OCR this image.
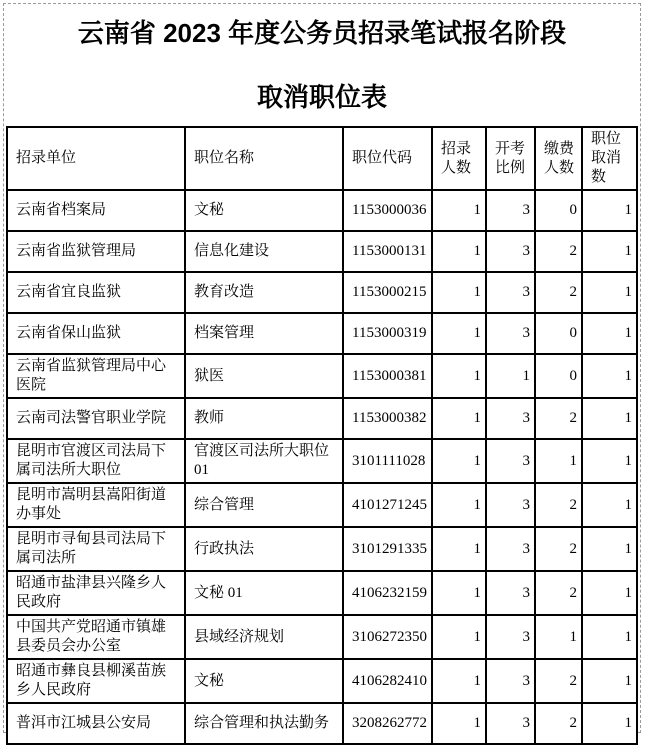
云南省 2023 年度公务员招录笔试报名阶段
取消职位表
招录单位	职位名称	职位代码	招录人数	开考比例	缴费人数	职位取消数
云南省档案局	文秘	1153000036	1	3	0	1
云南省监狱管理局	信息化建设	1153000131	1	3	2	1
云南省宜良监狱	教育改造	1153000215	1	3	2	1
云南省保山监狱	档案管理	1153000319	1	3	0	1
云南省监狱管理局中心医院	狱医	1153000381	1	1	0	1
云南司法警官职业学院	教师	1153000382	1	3	2	1
昆明市官渡区司法局下属司法所大职位	官渡区司法所大职位 01	3101111028	1	3	1	1
昆明市嵩明县嵩阳街道办事处	综合管理	4101271245	1	3	2	1
昆明市寻甸县司法局下属司法所	行政执法	3101291335	1	3	2	1
昭通市盐津县兴隆乡人民政府	文秘 01	4106232159	1	3	2	1
中国共产党昭通市镇雄县委员会办公室	县域经济规划	3106272350	1	3	1	1
昭通市彝良县柳溪苗族乡人民政府	文秘	4106282410	1	3	2	1
普洱市江城县公安局	综合管理和执法勤务	3208262772	1	3	2	1
